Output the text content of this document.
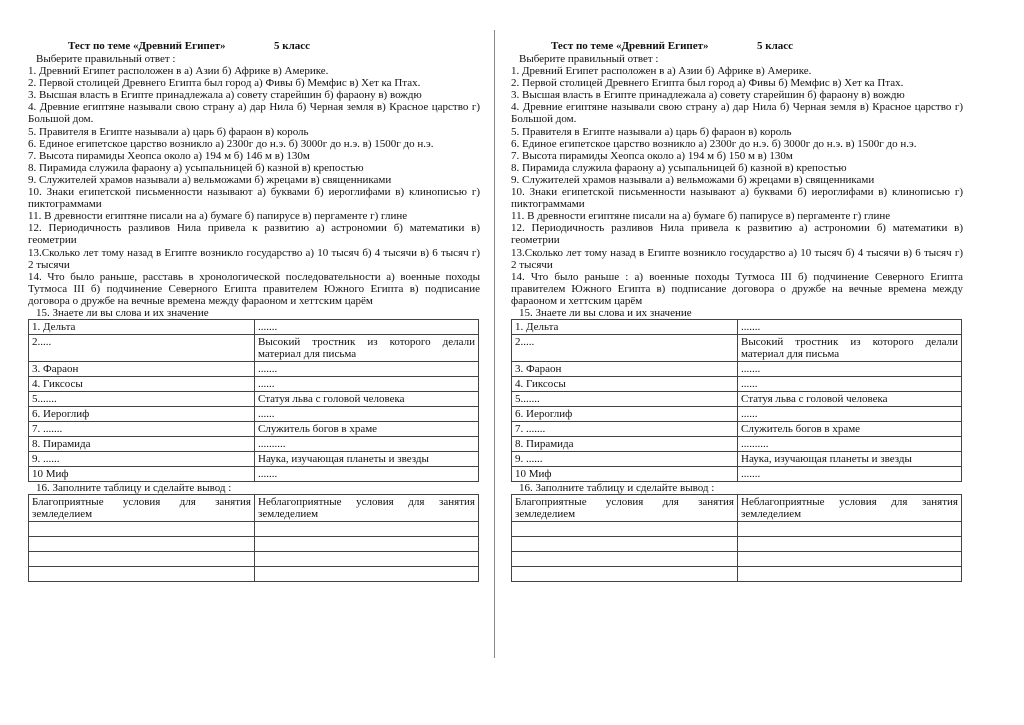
Тест по теме «Древний Египет»	5 класс
Выберите правильный ответ :
1. Древний Египет расположен в а) Азии б) Африке в) Америке.
2. Первой столицей Древнего Египта был город а) Фивы б) Мемфис в) Хет ка Птах.
3. Высшая власть в Египте принадлежала а) совету старейшин б) фараону в) вождю
4. Древние египтяне называли свою страну а) дар Нила б) Черная земля в) Красное царство г) Большой дом.
5. Правителя в Египте называли а) царь б) фараон в) король
6. Единое египетское царство возникло а) 2300г до н.э. б) 3000г до н.э. в) 1500г до н.э.
7. Высота пирамиды Хеопса около а) 194 м б) 146 м в) 130м
8. Пирамида служила фараону а) усыпальницей б) казной в) крепостью
9. Служителей храмов называли а) вельможами б) жрецами в) священниками
10. Знаки египетской письменности называют а) буквами б) иероглифами в) клинописью г) пиктограммами
11. В древности египтяне писали на а) бумаге б) папирусе в) пергаменте г) глине
12. Периодичность разливов Нила привела к развитию а) астрономии б) математики в) геометрии
13.Сколько лет тому назад в Египте возникло государство а) 10 тысяч б) 4 тысячи в) 6 тысяч г) 2 тысячи
14. Что было раньше, расставь в хронологической последовательности а) военные походы Тутмоса III б) подчинение Северного Египта правителем Южного Египта в) подписание договора о дружбе на вечные времена между фараоном и хеттским царём
15. Знаете ли вы слова и их значение
1. Дельта	.......
2.....	Высокий тростник из которого делали материал для письма
3. Фараон	.......
4. Гиксосы	......
5.......	Статуя льва с головой человека
6. Иероглиф	......
7. .......	Служитель богов в храме
8. Пирамида	..........
9. ......	Наука, изучающая планеты и звезды
10 Миф	.......
16. Заполните таблицу и сделайте вывод :
Благоприятные условия для занятия земледелием	Неблагоприятные условия для занятия земледелием

Тест по теме «Древний Египет»	5 класс
Выберите правильный ответ :
1. Древний Египет расположен в а) Азии б) Африке в) Америке.
2. Первой столицей Древнего Египта был город а) Фивы б) Мемфис в) Хет ка Птах.
3. Высшая власть в Египте принадлежала а) совету старейшин б) фараону в) вождю
4. Древние египтяне называли свою страну а) дар Нила б) Черная земля в) Красное царство г) Большой дом.
5. Правителя в Египте называли а) царь б) фараон в) король
6. Единое египетское царство возникло а) 2300г до н.э. б) 3000г до н.э. в) 1500г до н.э.
7. Высота пирамиды Хеопса около а) 194 м б) 150 м в) 130м
8. Пирамида служила фараону а) усыпальницей б) казной в) крепостью
9. Служителей храмов называли а) вельможами б) жрецами в) священниками
10. Знаки египетской письменности называют а) буквами б) иероглифами в) клинописью г) пиктограммами
11. В древности египтяне писали на а) бумаге б) папирусе в) пергаменте г) глине
12. Периодичность разливов Нила привела к развитию а) астрономии б) математики в) геометрии
13.Сколько лет тому назад в Египте возникло государство а) 10 тысяч б) 4 тысячи в) 6 тысяч г) 2 тысячи
14. Что было раньше : а) военные походы Тутмоса III б) подчинение Северного Египта правителем Южного Египта в) подписание договора о дружбе на вечные времена между фараоном и хеттским царём
15. Знаете ли вы слова и их значение
1. Дельта	.......
2.....	Высокий тростник из которого делали материал для письма
3. Фараон	.......
4. Гиксосы	......
5.......	Статуя льва с головой человека
6. Иероглиф	......
7. .......	Служитель богов в храме
8. Пирамида	..........
9. ......	Наука, изучающая планеты и звезды
10 Миф	.......
16. Заполните таблицу и сделайте вывод :
Благоприятные условия для занятия земледелием	Неблагоприятные условия для занятия земледелием
